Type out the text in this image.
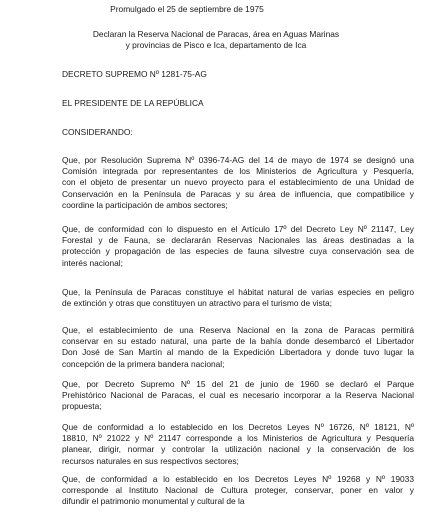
Promulgado el 25 de septiembre de 1975
Declaran la Reserva Nacional de Paracas, área en Aguas Marinas
y provincias de Pisco e Ica, departamento de Ica
DECRETO SUPREMO Nº 1281-75-AG
EL PRESIDENTE DE LA REPÚBLICA
CONSIDERANDO:
Que, por Resolución Suprema Nº 0396-74-AG del 14 de mayo de 1974 se designó una
Comisión integrada por representantes de los Ministerios de Agricultura y Pesquería,
con el objeto de presentar un nuevo proyecto para el establecimiento de una Unidad de
Conservación en la Península de Paracas y su área de influencia, que compatibilice y
coordine la participación de ambos sectores;
Que, de conformidad con lo dispuesto en el Artículo 17º del Decreto Ley Nº 21147, Ley
Forestal y de Fauna, se declararán Reservas Nacionales las áreas destinadas a la
protección y propagación de las especies de fauna silvestre cuya conservación sea de
interés nacional;
Que, la Península de Paracas constituye el hábitat natural de varias especies en peligro
de extinción y otras que constituyen un atractivo para el turismo de vista;
Que, el establecimiento de una Reserva Nacional en la zona de Paracas permitirá
conservar en su estado natural, una parte de la bahía donde desembarcó el Libertador
Don José de San Martín al mando de la Expedición Libertadora y donde tuvo lugar la
concepción de la primera bandera nacional;
Que, por Decreto Supremo Nº 15 del 21 de junio de 1960 se declaró el Parque
Prehistórico Nacional de Paracas, el cual es necesario incorporar a la Reserva Nacional
propuesta;
Que de conformidad a lo establecido en los Decretos Leyes Nº 16726, Nº 18121, Nº
18810, Nº 21022 y Nº 21147 corresponde a los Ministerios de Agricultura y Pesquería
planear, dirigir, normar y controlar la utilización nacional y la conservación de los
recursos naturales en sus respectivos sectores;
Que, de conformidad a lo establecido en los Decretos Leyes Nº 19268 y Nº 19033
corresponde al Instituto Nacional de Cultura proteger, conservar, poner en valor y
difundir el patrimonio monumental y cultural de la
